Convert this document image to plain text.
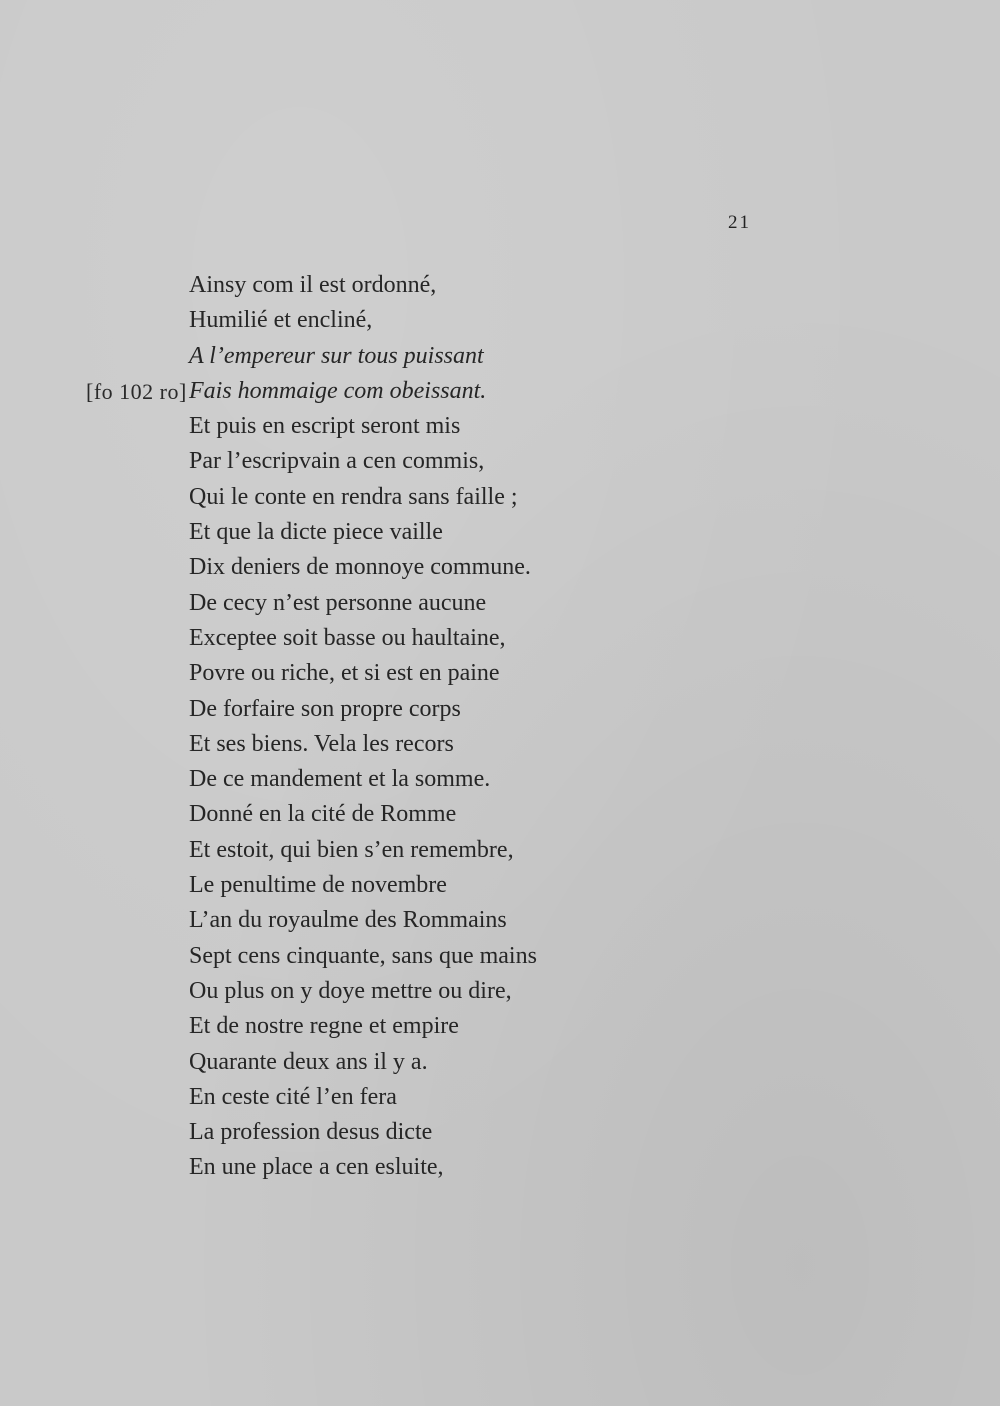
21
Ainsy com il est ordonné,
Humilié et encliné,
A l’empereur sur tous puissant
[fo 102 ro] Fais hommaige com obeissant.
Et puis en escript seront mis
Par l’escripvain a cen commis,
Qui le conte en rendra sans faille ;
Et que la dicte piece vaille
Dix deniers de monnoye commune.
De cecy n’est personne aucune
Exceptee soit basse ou haultaine,
Povre ou riche, et si est en paine
De forfaire son propre corps
Et ses biens. Vela les recors
De ce mandement et la somme.
Donné en la cité de Romme
Et estoit, qui bien s’en remembre,
Le penultime de novembre
L’an du royaulme des Rommains
Sept cens cinquante, sans que mains
Ou plus on y doye mettre ou dire,
Et de nostre regne et empire
Quarante deux ans il y a.
En ceste cité l’en fera
La profession desus dicte
En une place a cen esluite,
